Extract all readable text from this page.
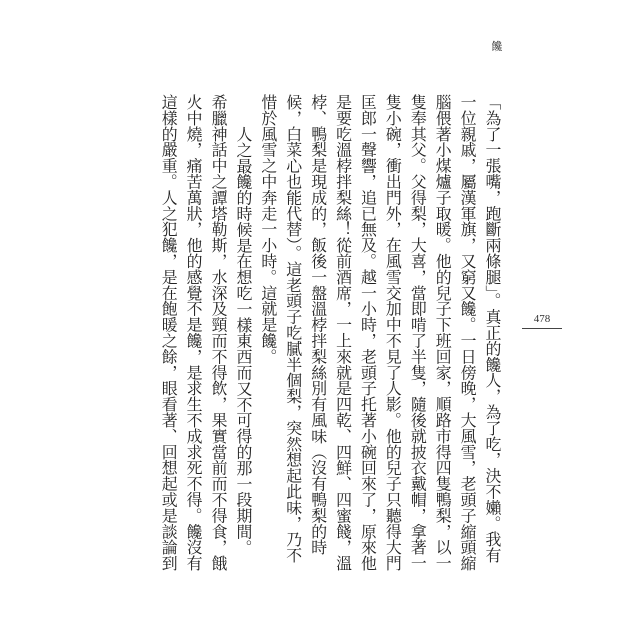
饞
478
「為了一張嘴，跑斷兩條腿」。真正的饞人，為了吃，決不嬾。我有
一位親戚，屬漢軍旗，又窮又饞。一日傍晚，大風雪，老頭子縮頭縮
腦偎著小煤爐子取暖。他的兒子下班回家，順路市得四隻鴨梨，以一
隻奉其父。父得梨，大喜，當即啃了半隻，隨後就披衣戴帽，拿著一
隻小碗，衝出門外，在風雪交加中不見了人影。他的兒子只聽得大門
匡郎一聲響，追已無及。越一小時，老頭子托著小碗回來了，原來他
是要吃溫桲拌梨絲！從前酒席，一上來就是四乾、四鮮、四蜜餞，溫
桲、鴨梨是現成的，飯後一盤溫桲拌梨絲別有風味（沒有鴨梨的時
候，白菜心也能代替）。這老頭子吃膩半個梨，突然想起此味，乃不
惜於風雪之中奔走一小時。這就是饞。
人之最饞的時候是在想吃一樣東西而又不可得的那一段期間。
希臘神話中之譚塔勒斯，水深及頸而不得飲，果實當前而不得食，餓
火中燒，痛苦萬狀，他的感覺不是饞，是求生不成求死不得。饞沒有
這樣的嚴重。人之犯饞，是在飽暖之餘，眼看著、回想起或是談論到
